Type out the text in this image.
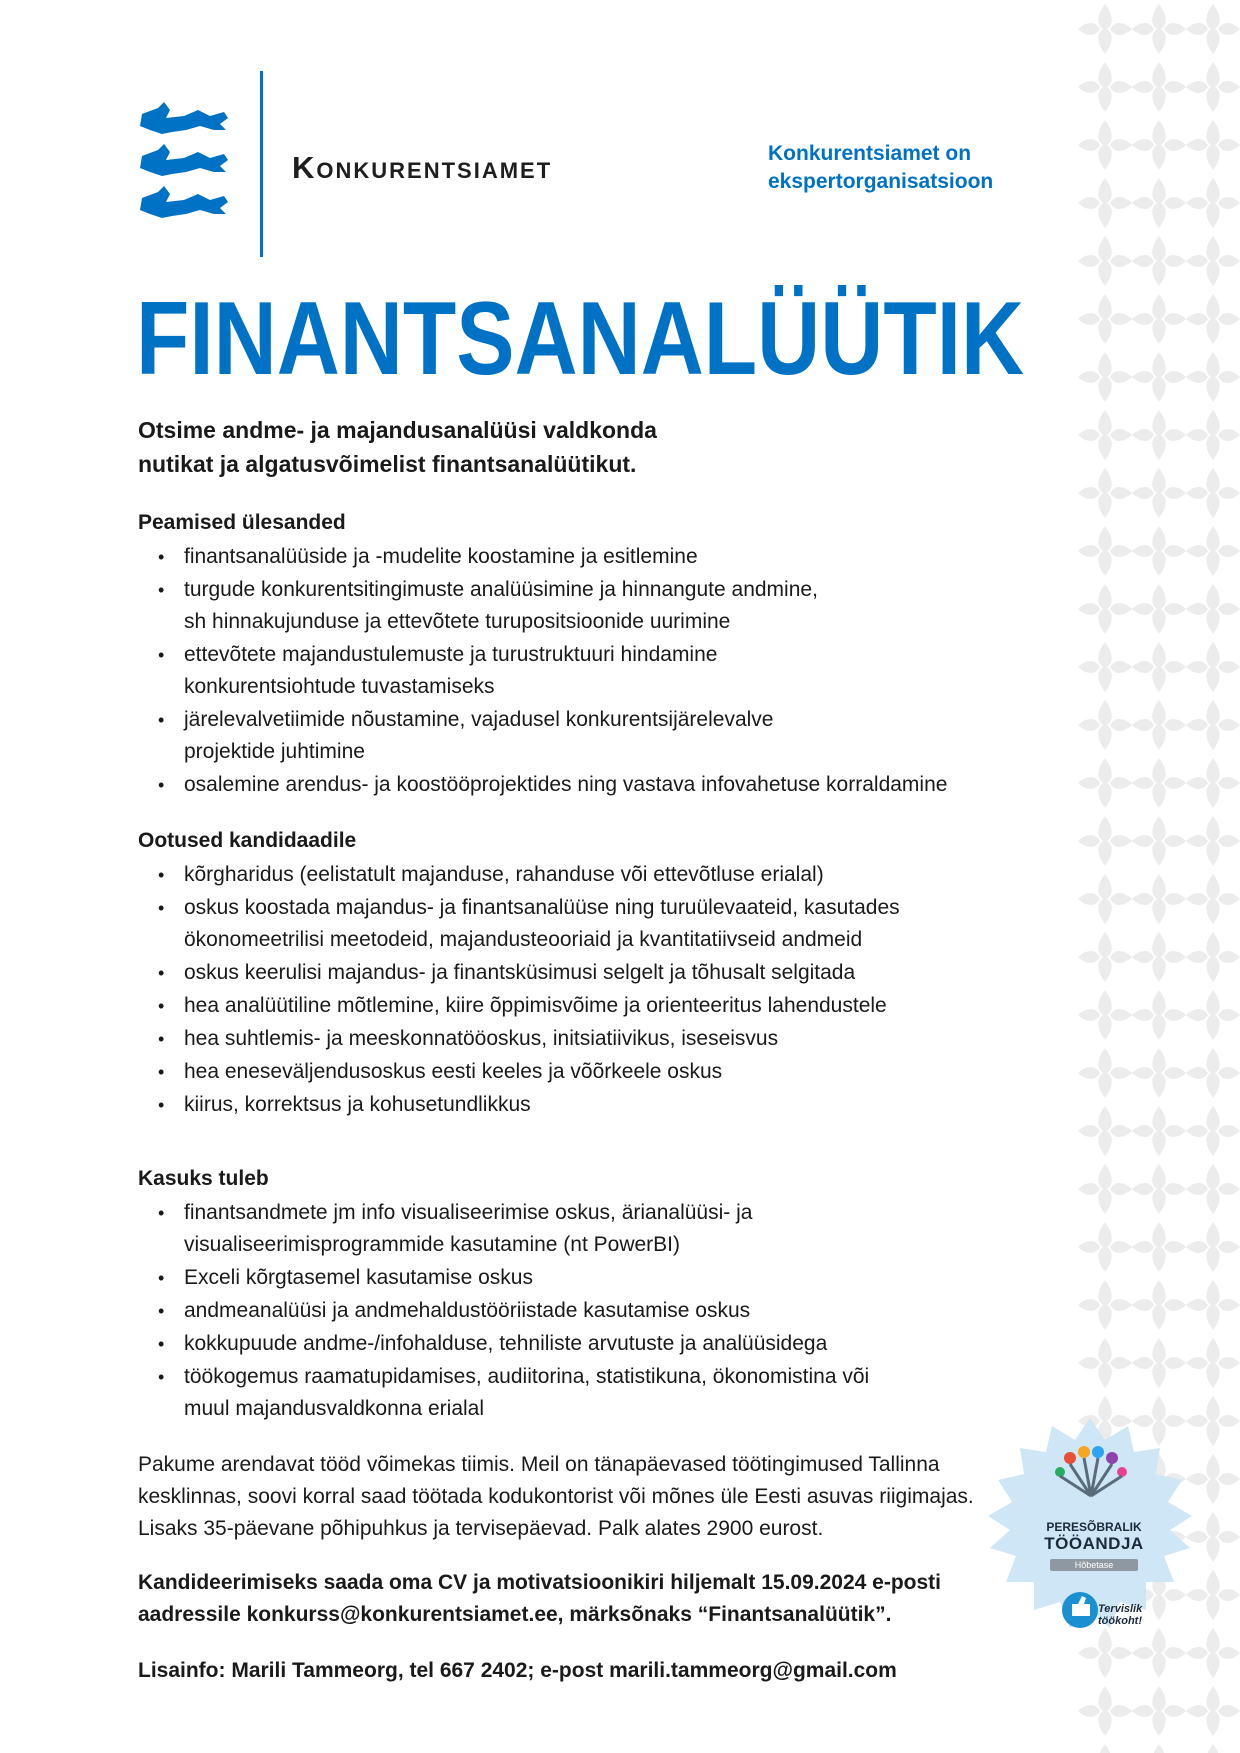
Konkurentsiamet	Konkurentsiamet on
ekspertorganisatsioon

FINANTSANALÜÜTIK

Otsime andme- ja majandusanalüüsi valdkonda
nutikat ja algatusvõimelist finantsanalüütikut.

Peamised ülesanded
• finantsanalüüside ja -mudelite koostamine ja esitlemine
• turgude konkurentsitingimuste analüüsimine ja hinnangute andmine,
sh hinnakujunduse ja ettevõtete turupositsioonide uurimine
• ettevõtete majandustulemuste ja turustruktuuri hindamine
konkurentsiohtude tuvastamiseks
• järelevalvetiimide nõustamine, vajadusel konkurentsijärelevalve
projektide juhtimine
• osalemine arendus- ja koostööprojektides ning vastava infovahetuse korraldamine
Ootused kandidaadile
• kõrgharidus (eelistatult majanduse, rahanduse või ettevõtluse erialal)
• oskus koostada majandus- ja finantsanalüüse ning turuülevaateid, kasutades
ökonomeetrilisi meetodeid, majandusteooriaid ja kvantitatiivseid andmeid
• oskus keerulisi majandus- ja finantsküsimusi selgelt ja tõhusalt selgitada
• hea analüütiline mõtlemine, kiire õppimisvõime ja orienteeritus lahendustele
• hea suhtlemis- ja meeskonnatööoskus, initsiatiivikus, iseseisvus
• hea eneseväljendusoskus eesti keeles ja võõrkeele oskus
• kiirus, korrektsus ja kohusetundlikkus
Kasuks tuleb
• finantsandmete jm info visualiseerimise oskus, ärianalüüsi- ja
visualiseerimisprogrammide kasutamine (nt PowerBI)
• Exceli kõrgtasemel kasutamise oskus
• andmeanalüüsi ja andmehaldustööriistade kasutamise oskus
• kokkupuude andme-/infohalduse, tehniliste arvutuste ja analüüsidega
• töökogemus raamatupidamises, audiitorina, statistikuna, ökonomistina või
muul majandusvaldkonna erialal

Pakume arendavat tööd võimekas tiimis. Meil on tänapäevased töötingimused Tallinna kesklinnas, soovi korral saad töötada kodukontorist või mõnes üle Eesti asuvas riigimajas. Lisaks 35-päevane põhipuhkus ja tervisepäevad. Palk alates 2900 eurost.

Kandideerimiseks saada oma CV ja motivatsioonikiri hiljemalt 15.09.2024 e-posti aadressile konkurss@konkurentsiamet.ee, märksõnaks “Finantsanalüütik”.

Lisainfo: Marili Tammeorg, tel 667 2402; e-post marili.tammeorg@gmail.com

PERESÕBRALIK
TÖÖANDJA
Hõbetase
Tervislik
töökoht!
